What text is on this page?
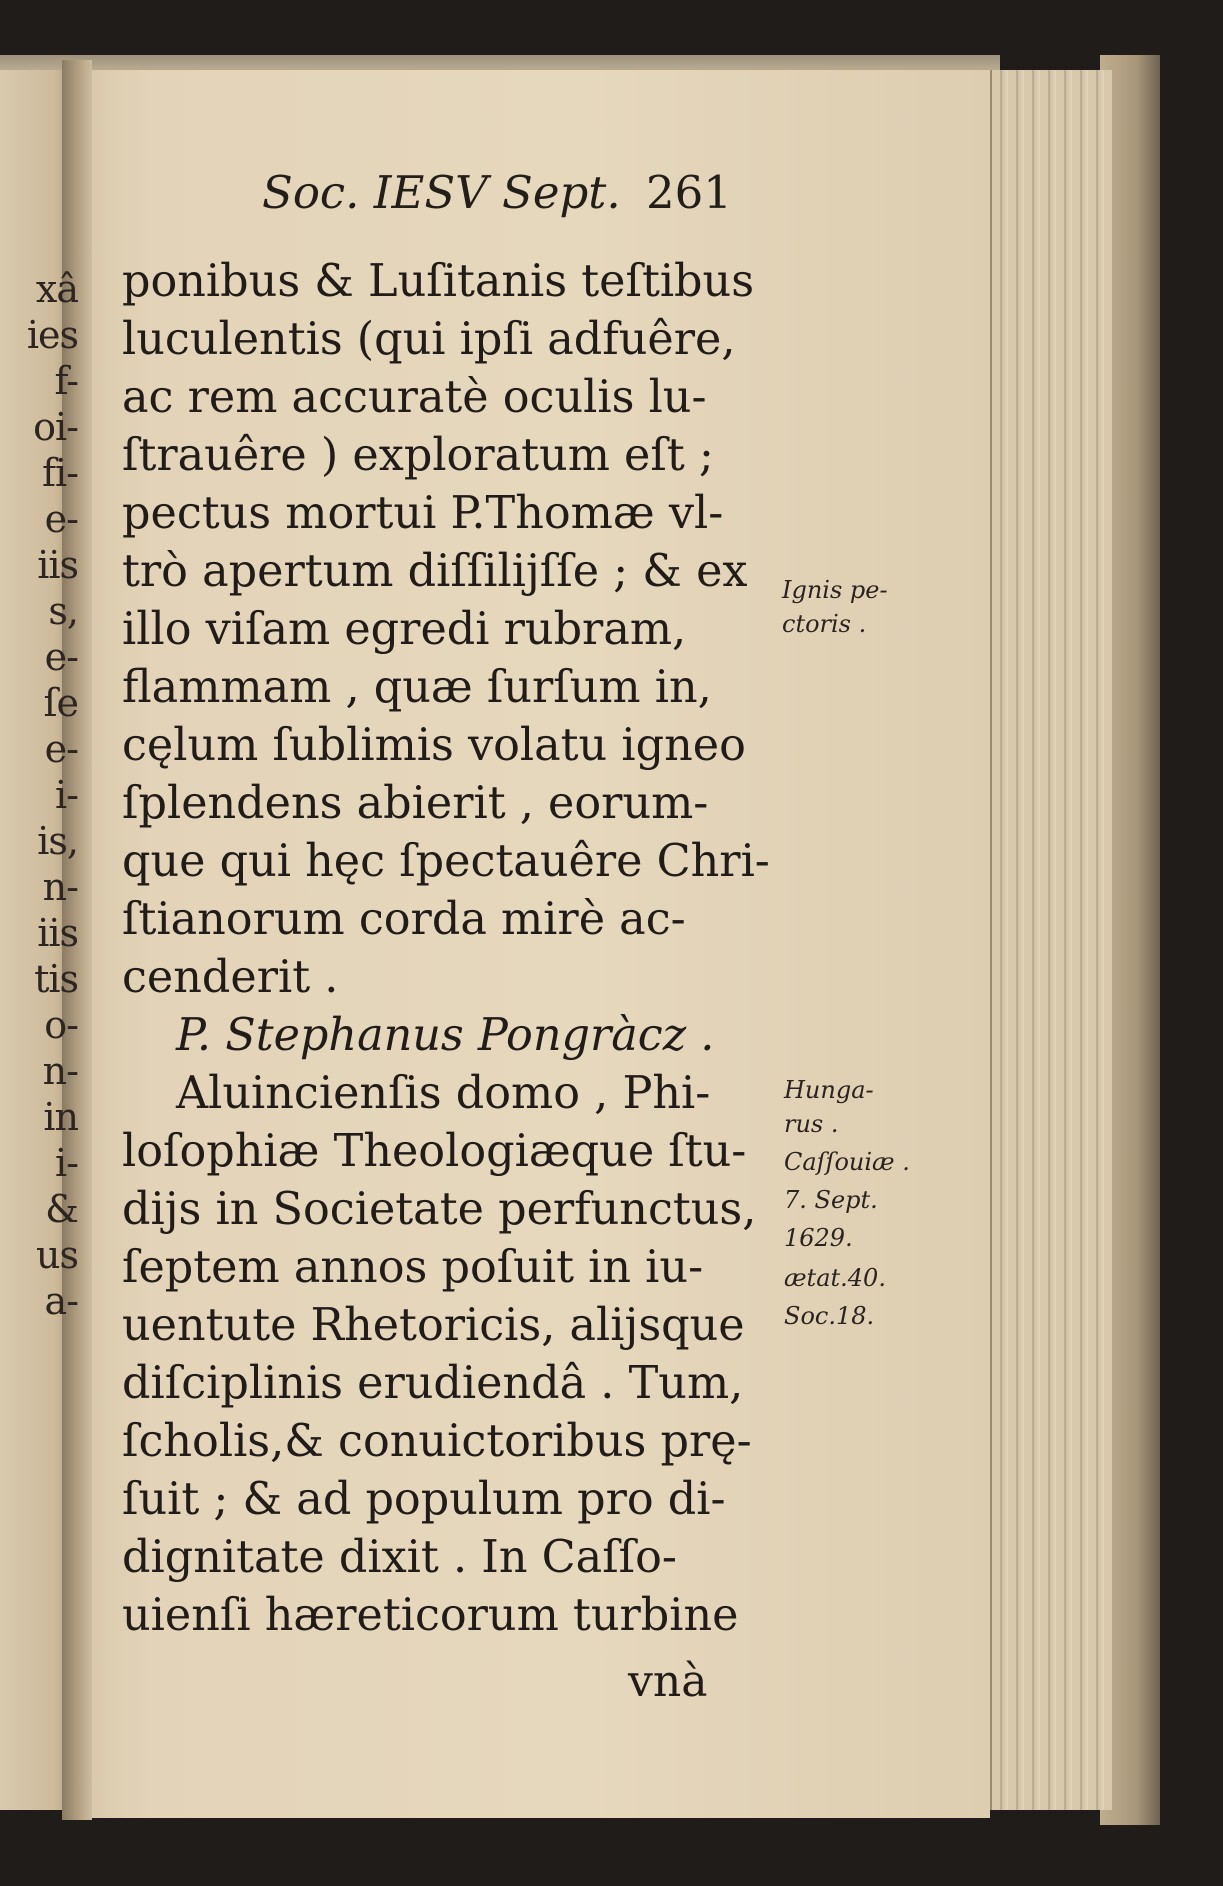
xâ
ies
f-
oi-
fi-
e-
iis
s,
e-
ſe
e-
i-
is,
n-
iis
tis
o-
n-
in
i-
&
us
a-
Soc. IESV Sept. 261
ponibus & Luſitanis teſtibus
luculentis (qui ipſi adfuêre,
ac rem accuratè oculis lu-
ſtrauêre ) exploratum eſt ;
pectus mortui P.Thomæ vl-
trò apertum diſſilijſſe ; & ex
illo viſam egredi rubram,
flammam , quæ ſurſum in,
cęlum ſublimis volatu igneo
ſplendens abierit , eorum-
que qui hęc ſpectauêre Chri-
ſtianorum corda mirè ac-
cenderit .
P. Stephanus Pongràcz .
Aluincienſis domo , Phi-
loſophiæ Theologiæque ſtu-
dijs in Societate perfunctus,
ſeptem annos poſuit in iu-
uentute Rhetoricis, alijsque
diſciplinis erudiendâ . Tum,
ſcholis,& conuictoribus prę-
ſuit ; & ad populum pro di-
dignitate dixit . In Caſſo-
uienſi hæreticorum turbine
vnà
Ignis pe-
ctoris .
Hunga-
rus .
Caſſouiæ .
7. Sept.
1629.
ætat.40.
Soc.18.
